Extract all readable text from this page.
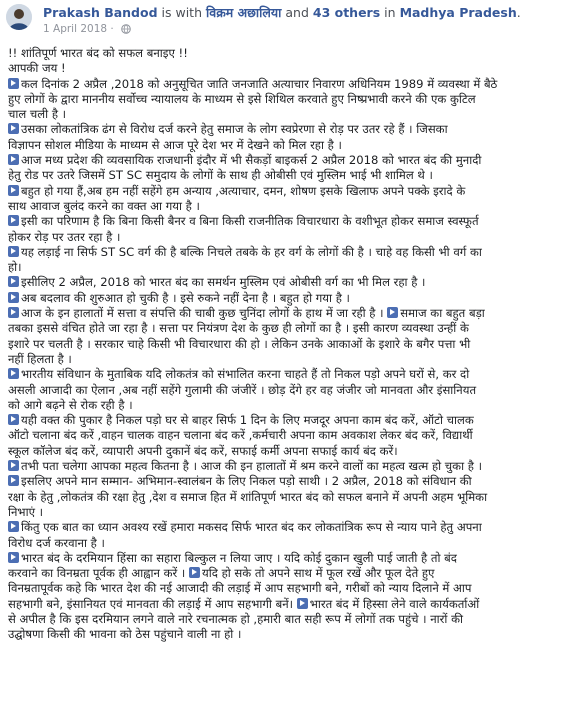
Prakash Bandod is with विक्रम अछालिया and 43 others in Madhya Pradesh.
1 April 2018 ·

!! शांतिपूर्ण भारत बंद को सफल बनाइए !!

आपकी जय !

कल दिनांक 2 अप्रैल ,2018 को अनुसूचित जाति जनजाति अत्याचार निवारण अधिनियम 1989 में व्यवस्था में बैठे

हुए लोगों के द्वारा माननीय सर्वोच्च न्यायालय के माध्यम से इसे शिथिल करवाते हुए निष्प्रभावी करने की एक कुटिल

चाल चली है ।

उसका लोकतांत्रिक ढंग से विरोध दर्ज करने हेतु समाज के लोग स्वप्रेरणा से रोड़ पर उतर रहे हैं । जिसका

विज्ञापन सोशल मीडिया के माध्यम से आज पूरे देश भर में देखने को मिल रहा है ।

आज मध्य प्रदेश की व्यवसायिक राजधानी इंदौर में भी सैकड़ों बाइकर्स 2 अप्रैल 2018 को भारत बंद की मुनादी

हेतु रोड पर उतरे जिसमें ST SC समुदाय के लोगों के साथ ही ओबीसी एवं मुस्लिम भाई भी शामिल थे ।

बहुत हो गया हैं,अब हम नहीं सहेंगे हम अन्याय ,अत्याचार, दमन, शोषण इसके खिलाफ अपने पक्के इरादे के

साथ आवाज बुलंद करने का वक्त आ गया है ।

इसी का परिणाम है कि बिना किसी बैनर व बिना किसी राजनीतिक विचारधारा के वशीभूत होकर समाज स्वस्फूर्त

होकर रोड़ पर उतर रहा है ।

यह लड़ाई ना सिर्फ ST SC वर्ग की है बल्कि निचले तबके के हर वर्ग के लोगों की है । चाहे वह किसी भी वर्ग का

हो।

इसीलिए 2 अप्रैल, 2018 को भारत बंद का समर्थन मुस्लिम एवं ओबीसी वर्ग का भी मिल रहा है ।

अब बदलाव की शुरुआत हो चुकी है । इसे रुकने नहीं देना है । बहुत हो गया है ।

आज के इन हालातों में सत्ता व संपत्ति की चाबी कुछ चुनिंदा लोगों के हाथ में जा रही है । समाज का बहुत बड़ा

तबका इससे वंचित होते जा रहा है । सत्ता पर नियंत्रण देश के कुछ ही लोगों का है । इसी कारण व्यवस्था उन्हीं के

इशारे पर चलती है । सरकार चाहे किसी भी विचारधारा की हो । लेकिन उनके आकाओं के इशारे के बगैर पत्ता भी

नहीं हिलता है ।

भारतीय संविधान के मुताबिक यदि लोकतंत्र को संभालित करना चाहते हैं तो निकल पड़ो अपने घरों से, कर दो

असली आजादी का ऐलान ,अब नहीं सहेंगे गुलामी की जंजीरें । छोड़ देंगे हर वह जंजीर जो मानवता और इंसानियत

को आगे बढ़ने से रोक रही है ।

यही वक्त की पुकार है निकल पड़ो घर से बाहर सिर्फ 1 दिन के लिए मजदूर अपना काम बंद करें, ऑटो चालक

ऑटो चलाना बंद करें ,वाहन चालक वाहन चलाना बंद करें ,कर्मचारी अपना काम अवकाश लेकर बंद करें, विद्यार्थी

स्कूल कॉलेज बंद करें, व्यापारी अपनी दुकानें बंद करें, सफाई कर्मी अपना सफाई कार्य बंद करें।

तभी पता चलेगा आपका महत्व कितना है । आज की इन हालातों में श्रम करने वालों का महत्व खत्म हो चुका है ।

इसलिए अपने मान सम्मान- अभिमान-स्वालंबन के लिए निकल पड़ो साथी । 2 अप्रैल, 2018 को संविधान की

रक्षा के हेतु ,लोकतंत्र की रक्षा हेतु ,देश व समाज हित में शांतिपूर्ण भारत बंद को सफल बनाने में अपनी अहम भूमिका

निभाएं ।

किंतु एक बात का ध्यान अवश्य रखें हमारा मकसद सिर्फ भारत बंद कर लोकतांत्रिक रूप से न्याय पाने हेतु अपना

विरोध दर्ज करवाना है ।

भारत बंद के दरमियान हिंसा का सहारा बिल्कुल न लिया जाए । यदि कोई दुकान खुली पाई जाती है तो बंद

करवाने का विनम्रता पूर्वक ही आह्वान करें । यदि हो सके तो अपने साथ में फूल रखें और फूल देते हुए

विनम्रतापूर्वक कहे कि भारत देश की नई आजादी की लड़ाई में आप सहभागी बने, गरीबों को न्याय दिलाने में आप

सहभागी बने, इंसानियत एवं मानवता की लड़ाई में आप सहभागी बनें। भारत बंद में हिस्सा लेने वाले कार्यकर्ताओं

से अपील है कि इस दरमियान लगने वाले नारे रचनात्मक हो ,हमारी बात सही रूप में लोगों तक पहुंचे । नारों की

उद्घोषणा किसी की भावना को ठेस पहुंचाने वाली ना हो ।
